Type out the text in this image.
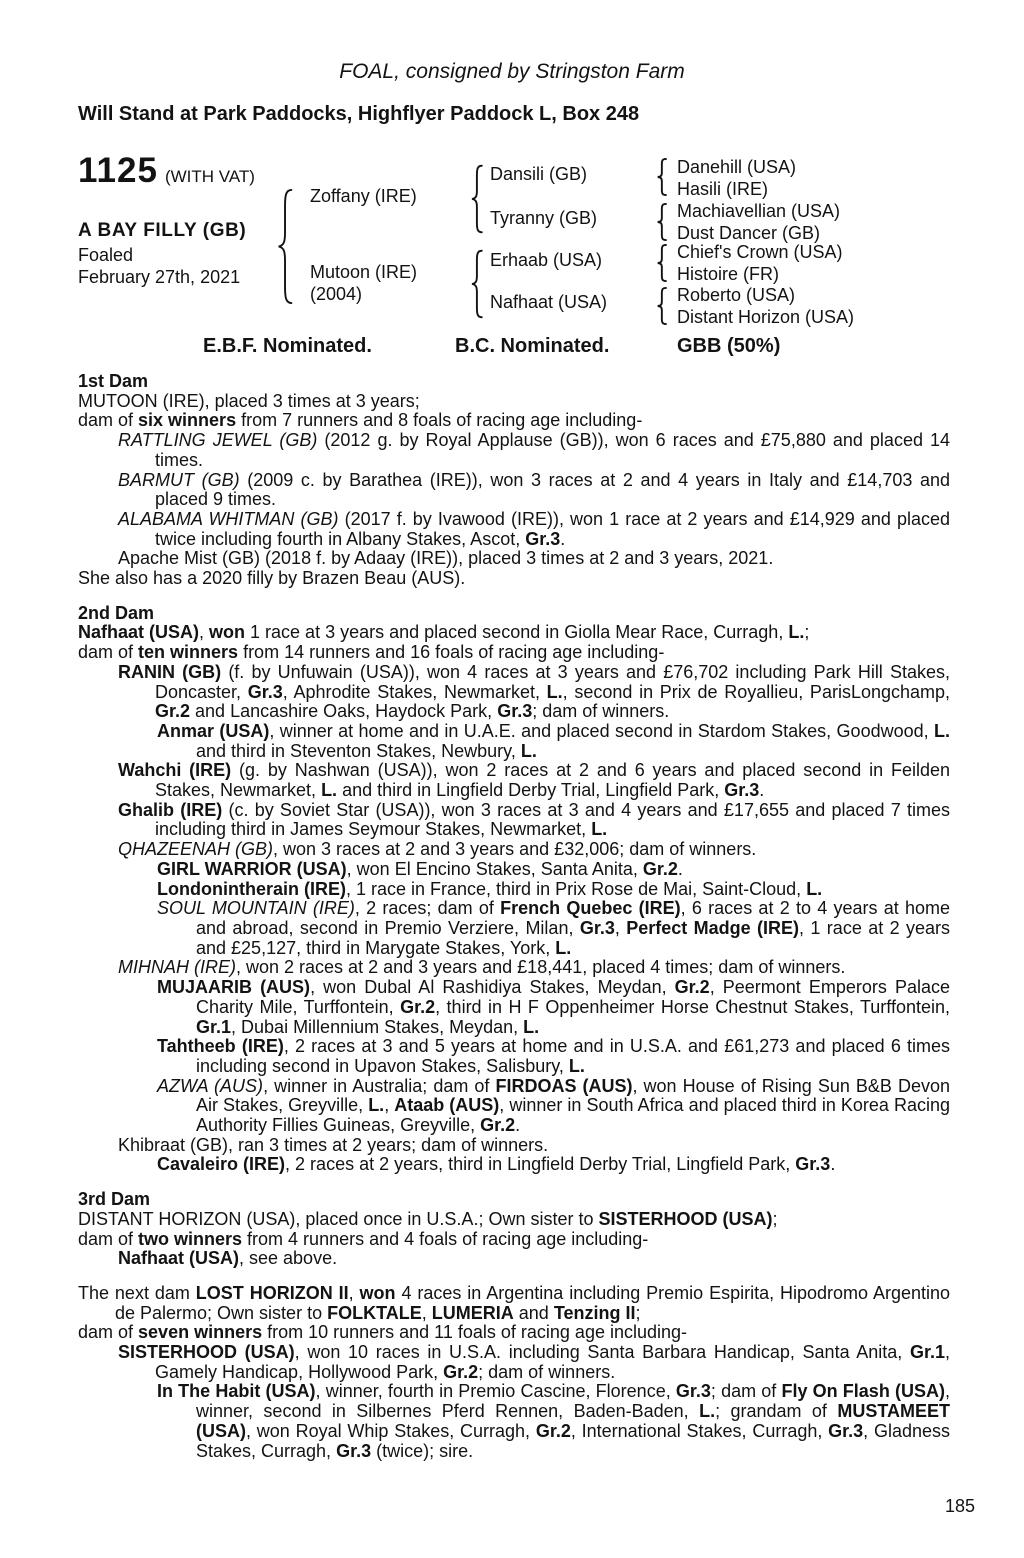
FOAL, consigned by Stringston Farm
Will Stand at Park Paddocks, Highflyer Paddock L, Box 248
1125 (WITH VAT)
A BAY FILLY (GB)
Foaled
February 27th, 2021
Zoffany (IRE)
Mutoon (IRE)
(2004)
Dansili (GB)
Tyranny (GB)
Erhaab (USA)
Nafhaat (USA)
Danehill (USA)
Hasili (IRE)
Machiavellian (USA)
Dust Dancer (GB)
Chief's Crown (USA)
Histoire (FR)
Roberto (USA)
Distant Horizon (USA)
E.B.F. Nominated.	B.C. Nominated.	GBB (50%)
1st Dam

MUTOON (IRE), placed 3 times at 3 years;

dam of six winners from 7 runners and 8 foals of racing age including-

RATTLING JEWEL (GB) (2012 g. by Royal Applause (GB)), won 6 races and £75,880 and placed 14 times.

BARMUT (GB) (2009 c. by Barathea (IRE)), won 3 races at 2 and 4 years in Italy and £14,703 and placed 9 times.

ALABAMA WHITMAN (GB) (2017 f. by Ivawood (IRE)), won 1 race at 2 years and £14,929 and placed twice including fourth in Albany Stakes, Ascot, Gr.3.

Apache Mist (GB) (2018 f. by Adaay (IRE)), placed 3 times at 2 and 3 years, 2021.

She also has a 2020 filly by Brazen Beau (AUS).

2nd Dam

Nafhaat (USA), won 1 race at 3 years and placed second in Giolla Mear Race, Curragh, L.;

dam of ten winners from 14 runners and 16 foals of racing age including-

RANIN (GB) (f. by Unfuwain (USA)), won 4 races at 3 years and £76,702 including Park Hill Stakes, Doncaster, Gr.3, Aphrodite Stakes, Newmarket, L., second in Prix de Royallieu, ParisLongchamp, Gr.2 and Lancashire Oaks, Haydock Park, Gr.3; dam of winners.

Anmar (USA), winner at home and in U.A.E. and placed second in Stardom Stakes, Goodwood, L. and third in Steventon Stakes, Newbury, L.

Wahchi (IRE) (g. by Nashwan (USA)), won 2 races at 2 and 6 years and placed second in Feilden Stakes, Newmarket, L. and third in Lingfield Derby Trial, Lingfield Park, Gr.3.

Ghalib (IRE) (c. by Soviet Star (USA)), won 3 races at 3 and 4 years and £17,655 and placed 7 times including third in James Seymour Stakes, Newmarket, L.

QHAZEENAH (GB), won 3 races at 2 and 3 years and £32,006; dam of winners.

GIRL WARRIOR (USA), won El Encino Stakes, Santa Anita, Gr.2.

Londonintherain (IRE), 1 race in France, third in Prix Rose de Mai, Saint-Cloud, L.

SOUL MOUNTAIN (IRE), 2 races; dam of French Quebec (IRE), 6 races at 2 to 4 years at home and abroad, second in Premio Verziere, Milan, Gr.3, Perfect Madge (IRE), 1 race at 2 years and £25,127, third in Marygate Stakes, York, L.

MIHNAH (IRE), won 2 races at 2 and 3 years and £18,441, placed 4 times; dam of winners.

MUJAARIB (AUS), won Dubal Al Rashidiya Stakes, Meydan, Gr.2, Peermont Emperors Palace Charity Mile, Turffontein, Gr.2, third in H F Oppenheimer Horse Chestnut Stakes, Turffontein, Gr.1, Dubai Millennium Stakes, Meydan, L.

Tahtheeb (IRE), 2 races at 3 and 5 years at home and in U.S.A. and £61,273 and placed 6 times including second in Upavon Stakes, Salisbury, L.

AZWA (AUS), winner in Australia; dam of FIRDOAS (AUS), won House of Rising Sun B&B Devon Air Stakes, Greyville, L., Ataab (AUS), winner in South Africa and placed third in Korea Racing Authority Fillies Guineas, Greyville, Gr.2.

Khibraat (GB), ran 3 times at 2 years; dam of winners.

Cavaleiro (IRE), 2 races at 2 years, third in Lingfield Derby Trial, Lingfield Park, Gr.3.

3rd Dam

DISTANT HORIZON (USA), placed once in U.S.A.; Own sister to SISTERHOOD (USA);

dam of two winners from 4 runners and 4 foals of racing age including-

Nafhaat (USA), see above.

The next dam LOST HORIZON II, won 4 races in Argentina including Premio Espirita, Hipodromo Argentino de Palermo; Own sister to FOLKTALE, LUMERIA and Tenzing II;

dam of seven winners from 10 runners and 11 foals of racing age including-

SISTERHOOD (USA), won 10 races in U.S.A. including Santa Barbara Handicap, Santa Anita, Gr.1, Gamely Handicap, Hollywood Park, Gr.2; dam of winners.

In The Habit (USA), winner, fourth in Premio Cascine, Florence, Gr.3; dam of Fly On Flash (USA), winner, second in Silbernes Pferd Rennen, Baden-Baden, L.; grandam of MUSTAMEET (USA), won Royal Whip Stakes, Curragh, Gr.2, International Stakes, Curragh, Gr.3, Gladness Stakes, Curragh, Gr.3 (twice); sire.

185
